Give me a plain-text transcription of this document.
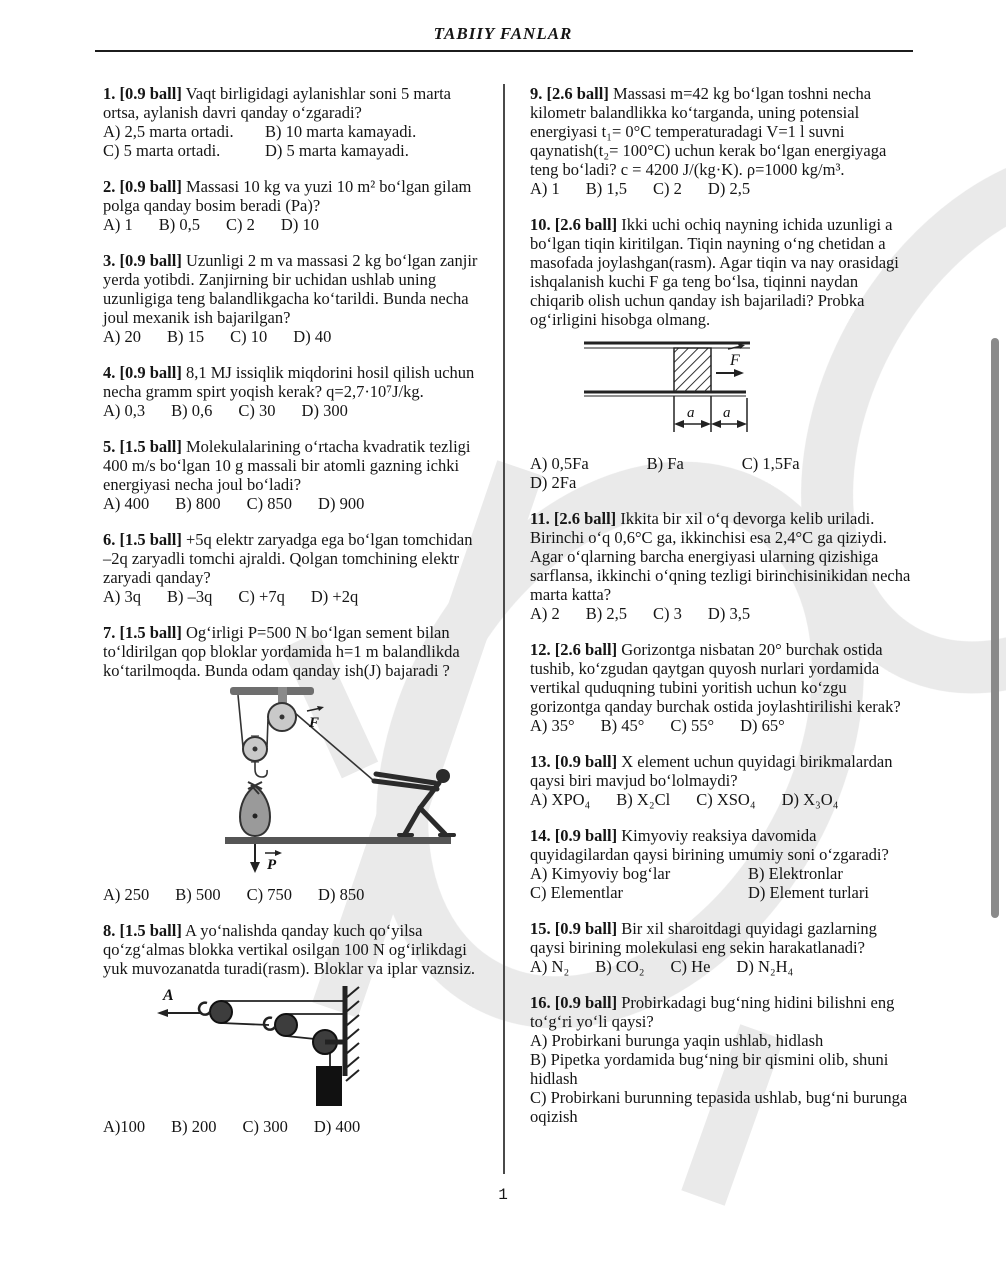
TABIIY FANLAR

1. [0.9 ball] Vaqt birligidagi aylanishlar soni 5 marta ortsa, aylanish davri qanday o‘zgaradi?

A) 2,5 marta ortadi.	B) 10 marta kamayadi.
C) 5 marta ortadi.	D) 5 marta kamayadi.

2. [0.9 ball] Massasi 10 kg va yuzi 10 m² bo‘lgan gilam polga qanday bosim beradi (Pa)?

A) 1 B) 0,5 C) 2 D) 10

3. [0.9 ball] Uzunligi 2 m va massasi 2 kg bo‘lgan zanjir yerda yotibdi. Zanjirning bir uchidan ushlab uning uzunligiga teng balandlikgacha ko‘tarildi. Bunda necha joul mexanik ish bajarilgan?

A) 20 B) 15 C) 10 D) 40

4. [0.9 ball] 8,1 MJ issiqlik miqdorini hosil qilish uchun necha gramm spirt yoqish kerak? q=2,7·10⁷J/kg.

A) 0,3 B) 0,6 C) 30 D) 300

5. [1.5 ball] Molekulalarining o‘rtacha kvadratik tezligi 400 m/s bo‘lgan 10 g massali bir atomli gazning ichki energiyasi necha joul bo‘ladi?

A) 400 B) 800 C) 850 D) 900

6. [1.5 ball] +5q elektr zaryadga ega bo‘lgan tomchidan –2q zaryadli tomchi ajraldi. Qolgan tomchining elektr zaryadi qanday?

A) 3q B) –3q C) +7q D) +2q

7. [1.5 ball] Og‘irligi P=500 N bo‘lgan sement bilan to‘ldirilgan qop bloklar yordamida h=1 m balandlikda ko‘tarilmoqda. Bunda odam qanday ish(J) bajaradi ?

F
P
A) 250 B) 500 C) 750 D) 850

8. [1.5 ball] A yo‘nalishda qanday kuch qo‘yilsa qo‘zg‘almas blokka vertikal osilgan 100 N og‘irlikdagi yuk muvozanatda turadi(rasm). Bloklar va iplar vaznsiz.

A
A)100 B) 200 C) 300 D) 400

9. [2.6 ball] Massasi m=42 kg bo‘lgan toshni necha kilometr balandlikka ko‘targanda, uning potensial energiyasi t₁= 0°C temperaturadagi V=1 l suvni qaynatish(t₂= 100°C) uchun kerak bo‘lgan energiyaga teng bo‘ladi? c = 4200 J/(kg·K). ρ=1000 kg/m³.

A) 1 B) 1,5 C) 2 D) 2,5

10. [2.6 ball] Ikki uchi ochiq nayning ichida uzunligi a bo‘lgan tiqin kiritilgan. Tiqin nayning o‘ng chetidan a masofada joylashgan(rasm). Agar tiqin va nay orasidagi ishqalanish kuchi F ga teng bo‘lsa, tiqinni naydan chiqarib olish uchun qanday ish bajariladi? Probka og‘irligini hisobga olmang.

F
a a
A) 0,5Fa	B) Fa	C) 1,5FaD) 2Fa

11. [2.6 ball] Ikkita bir xil o‘q devorga kelib uriladi. Birinchi o‘q 0,6°C ga, ikkinchisi esa 2,4°C ga qiziydi. Agar o‘qlarning barcha energiyasi ularning qizishiga sarflansa, ikkinchi o‘qning tezligi birinchisinikidan necha marta katta?

A) 2 B) 2,5 C) 3 D) 3,5

12. [2.6 ball] Gorizontga nisbatan 20° burchak ostida tushib, ko‘zgudan qaytgan quyosh nurlari yordamida vertikal quduqning tubini yoritish uchun ko‘zgu gorizontga qanday burchak ostida joylashtirilishi kerak?

A) 35° B) 45° C) 55° D) 65°

13. [0.9 ball] X element uchun quyidagi birikmalardan qaysi biri mavjud bo‘lolmaydi?

A) XPO₄ B) X₂Cl C) XSO₄ D) X₃O₄

14. [0.9 ball] Kimyoviy reaksiya davomida quyidagilardan qaysi birining umumiy soni o‘zgaradi?

A) Kimyoviy bog‘lar	B) Elektronlar
C) Elementlar	D) Element turlari

15. [0.9 ball] Bir xil sharoitdagi quyidagi gazlarning qaysi birining molekulasi eng sekin harakatlanadi?

A) N₂ B) CO₂ C) He D) N₂H₄

16. [0.9 ball] Probirkadagi bug‘ning hidini bilishni eng to‘g‘ri yo‘li qaysi?

A) Probirkani burunga yaqin ushlab, hidlash
B) Pipetka yordamida bug‘ning bir qismini olib, shuni hidlash
C) Probirkani burunning tepasida ushlab, bug‘ni burunga oqizish
1
